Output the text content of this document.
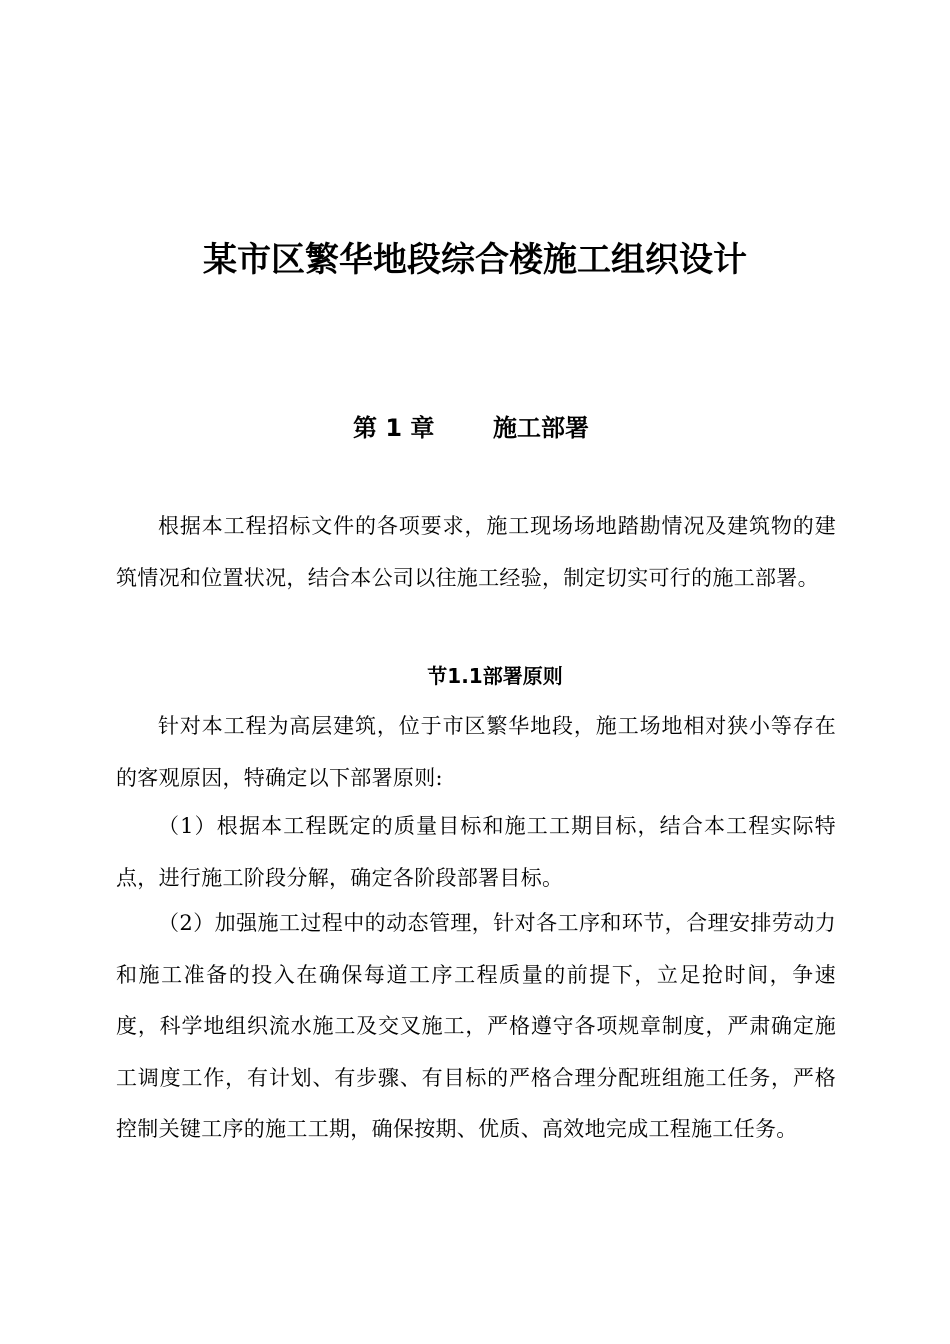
某市区繁华地段综合楼施工组织设计
第 1 章	施工部署
根据本工程招标文件的各项要求，施工现场场地踏勘情况及建筑物的建筑情况和位置状况，结合本公司以往施工经验，制定切实可行的施工部署。
节1.1部署原则
针对本工程为高层建筑，位于市区繁华地段，施工场地相对狭小等存在的客观原因，特确定以下部署原则:
（1）根据本工程既定的质量目标和施工工期目标，结合本工程实际特点，进行施工阶段分解，确定各阶段部署目标。
（2）加强施工过程中的动态管理，针对各工序和环节，合理安排劳动力和施工准备的投入在确保每道工序工程质量的前提下，立足抢时间，争速度，科学地组织流水施工及交叉施工，严格遵守各项规章制度，严肃确定施工调度工作，有计划、有步骤、有目标的严格合理分配班组施工任务，严格控制关键工序的施工工期，确保按期、优质、高效地完成工程施工任务。
